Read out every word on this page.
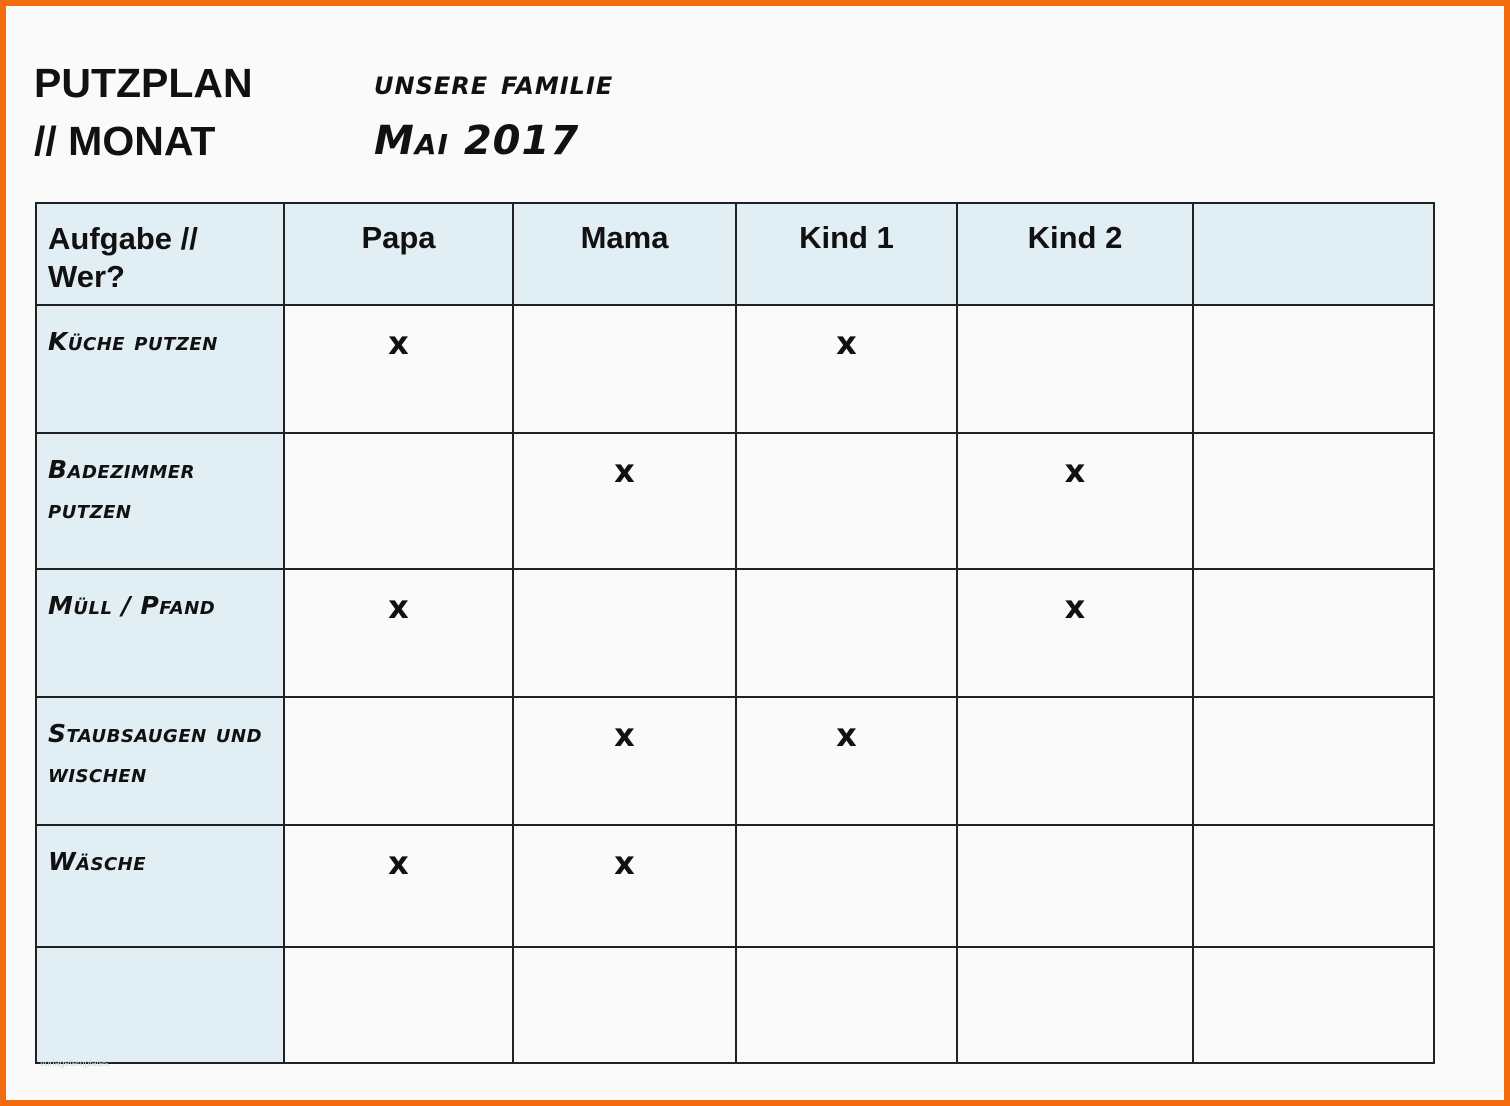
PUTZPLAN
// MONAT
unsere familie
Mai 2017
Aufgabe // Wer?	Papa	Mama	Kind 1	Kind 2	
Küche putzen	x		x		
Badezimmer putzen		x		x	
Müll / Pfand	x			x	
Staubsaugen und wischen		x	x		
Wäsche	x	x			

vorlagetemplates
